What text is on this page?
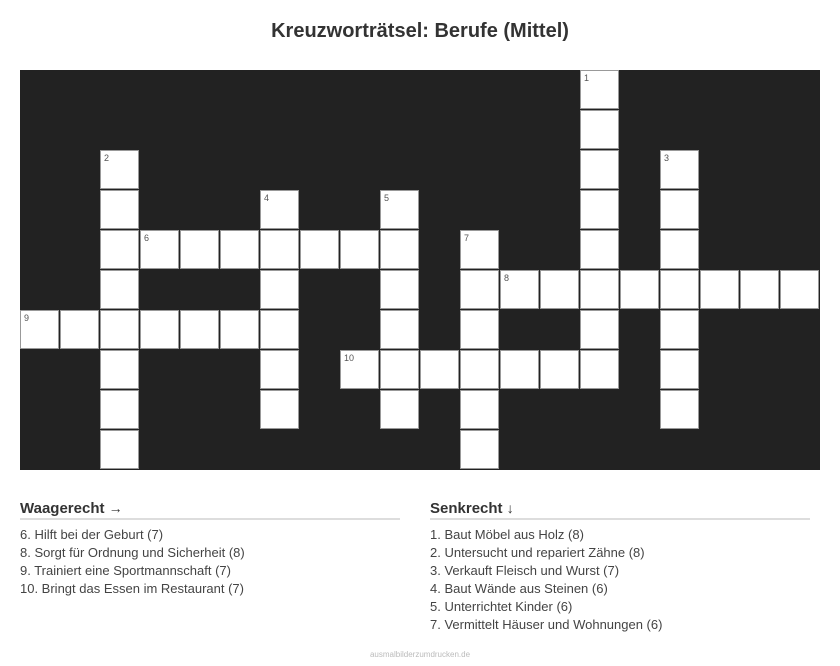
Kreuzworträtsel: Berufe (Mittel)
1
2	3
4	5
6	7
8
9
10
Waagerecht →
6. Hilft bei der Geburt (7)
8. Sorgt für Ordnung und Sicherheit (8)
9. Trainiert eine Sportmannschaft (7)
10. Bringt das Essen im Restaurant (7)
Senkrecht ↓
1. Baut Möbel aus Holz (8)
2. Untersucht und repariert Zähne (8)
3. Verkauft Fleisch und Wurst (7)
4. Baut Wände aus Steinen (6)
5. Unterrichtet Kinder (6)
7. Vermittelt Häuser und Wohnungen (6)
ausmalbilderzumdrucken.de
